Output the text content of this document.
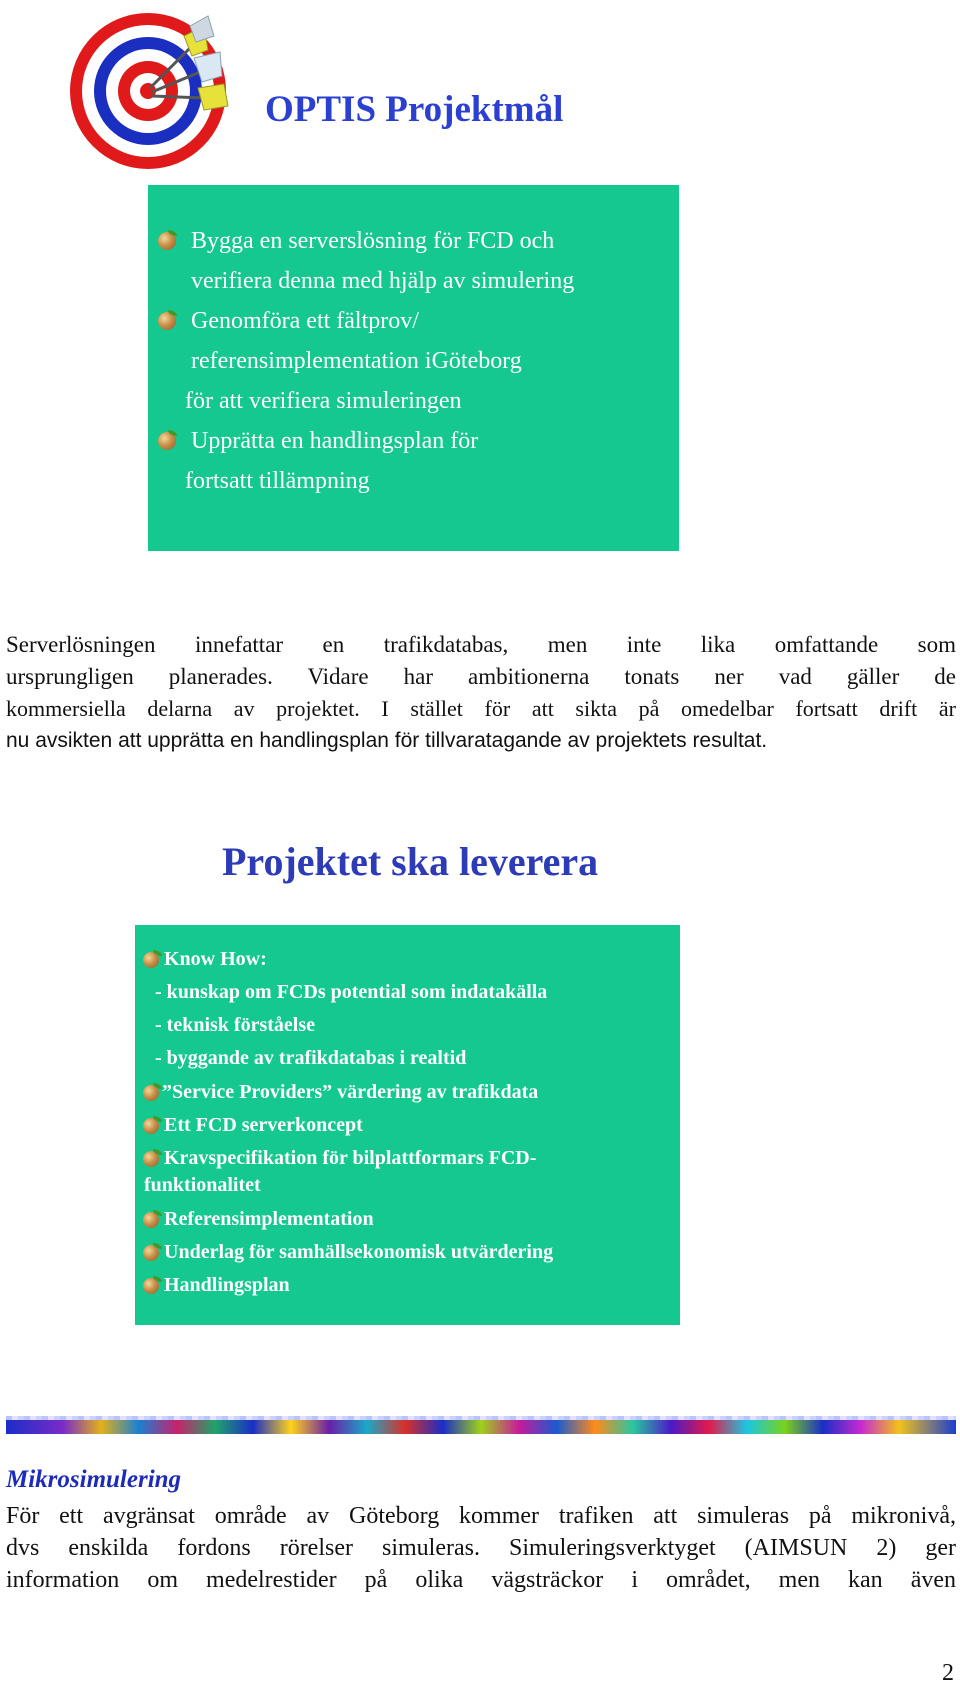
OPTIS Projektmål
Bygga en serverslösning för FCD och
verifiera denna med hjälp av simulering
Genomföra ett fältprov/
referensimplementation iGöteborg
för att verifiera simuleringen
Upprätta en handlingsplan för
fortsatt tillämpning
Serverlösningen innefattar en trafikdatabas, men inte lika omfattande som
ursprungligen planerades. Vidare har ambitionerna tonats ner vad gäller de
kommersiella delarna av projektet. I stället för att sikta på omedelbar fortsatt drift är
nu avsikten att upprätta en handlingsplan för tillvaratagande av projektets resultat.
Projektet ska leverera
Know How:
- kunskap om FCDs potential som indatakälla
- teknisk förståelse
- byggande av trafikdatabas i realtid
”Service Providers” värdering av trafikdata
Ett FCD serverkoncept
Kravspecifikation för bilplattformars FCD-
funktionalitet
Referensimplementation
Underlag för samhällsekonomisk utvärdering
Handlingsplan
Mikrosimulering
För ett avgränsat område av Göteborg kommer trafiken att simuleras på mikronivå,
dvs enskilda fordons rörelser simuleras. Simuleringsverktyget (AIMSUN 2) ger
information om medelrestider på olika vägsträckor i området, men kan även
2
